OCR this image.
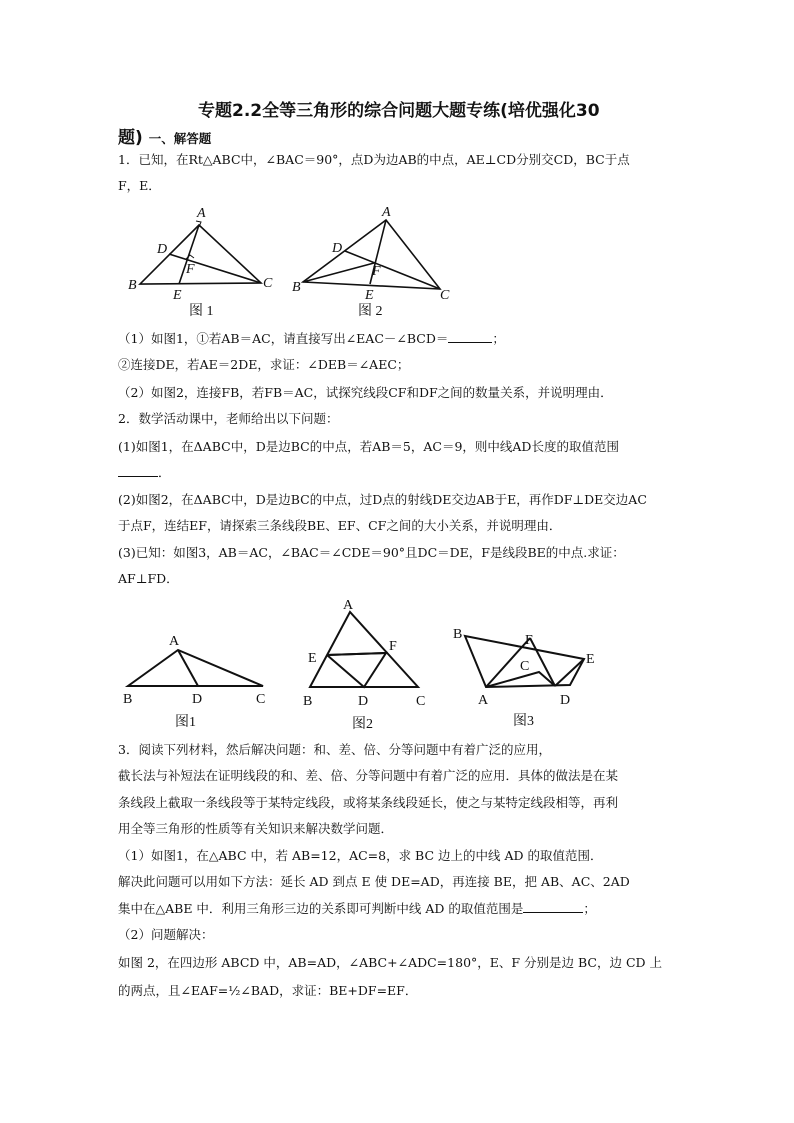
专题2.2全等三角形的综合问题大题专练(培优强化30
题) 一、解答题
1．已知，在Rt△ABC中，∠BAC＝90°，点D为边AB的中点，AE⊥CD分别交CD，BC于点
F，E．
A
B	C
D
E
F
图 1
A
B
C
D
E
F
图 2
（1）如图1，①若AB＝AC，请直接写出∠EAC－∠BCD＝	；
②连接DE，若AE＝2DE，求证：∠DEB＝∠AEC；
（2）如图2，连接FB，若FB＝AC，试探究线段CF和DF之间的数量关系，并说明理由．
2．数学活动课中，老师给出以下问题：
(1)如图1，在ΔABC中，D是边BC的中点，若AB＝5，AC＝9，则中线AD长度的取值范围
．
(2)如图2，在ΔABC中，D是边BC的中点，过D点的射线DE交边AB于E，再作DF⊥DE交边AC
于点F，连结EF，请探索三条线段BE、EF、CF之间的大小关系，并说明理由．
(3)已知：如图3，AB＝AC，∠BAC＝∠CDE＝90°且DC＝DE，F是线段BE的中点.求证：
AF⊥FD．
A
B	D	C
图1
A
E
F
B	D	C
图2
B	F
E
C
A	D
图3
3．阅读下列材料，然后解决问题：和、差、倍、分等问题中有着广泛的应用，
截长法与补短法在证明线段的和、差、倍、分等问题中有着广泛的应用．具体的做法是在某
条线段上截取一条线段等于某特定线段，或将某条线段延长，使之与某特定线段相等，再利
用全等三角形的性质等有关知识来解决数学问题．
（1）如图1，在△ABC 中，若 AB=12，AC=8，求 BC 边上的中线 AD 的取值范围．
解决此问题可以用如下方法：延长 AD 到点 E 使 DE=AD，再连接 BE，把 AB、AC、2AD
集中在△ABE 中．利用三角形三边的关系即可判断中线 AD 的取值范围是	；
（2）问题解决：
如图 2，在四边形 ABCD 中，AB=AD，∠ABC+∠ADC=180°，E、F 分别是边 BC，边 CD 上
的两点，且∠EAF=½∠BAD，求证：BE+DF=EF．
